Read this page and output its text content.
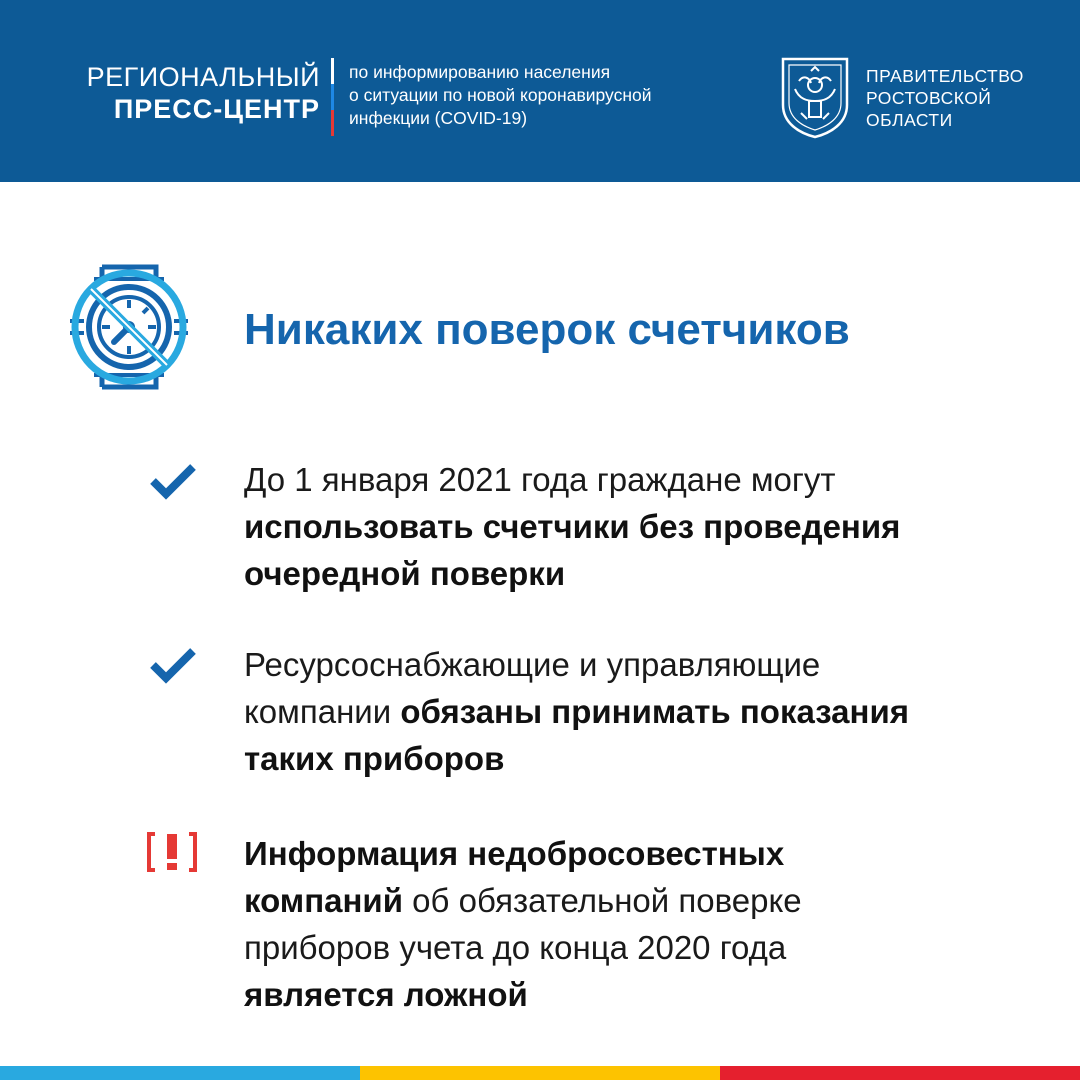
РЕГИОНАЛЬНЫЙ
ПРЕСС-ЦЕНТР
по информированию населения
о ситуации по новой коронавирусной
инфекции (COVID-19)
ПРАВИТЕЛЬСТВО
РОСТОВСКОЙ
ОБЛАСТИ
Никаких поверок счетчиков
До 1 января 2021 года граждане могут
использовать счетчики без проведения
очередной поверки
Ресурсоснабжающие и управляющие
компании обязаны принимать показания
таких приборов
Информация недобросовестных
компаний об обязательной поверке
приборов учета до конца 2020 года
является ложной
